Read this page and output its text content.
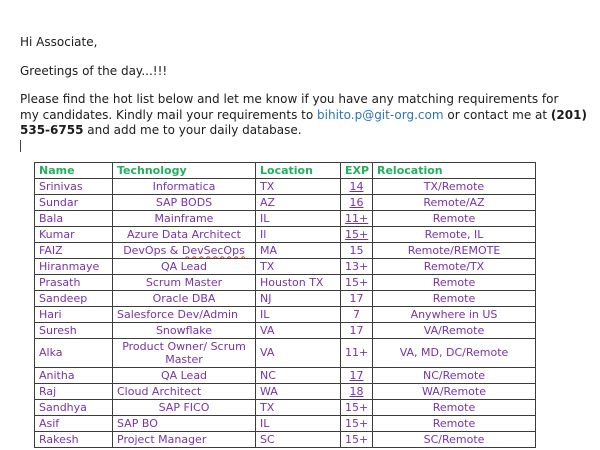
Hi Associate,

Greetings of the day...!!!

Please find the hot list below and let me know if you have any matching requirements for
my candidates. Kindly mail your requirements to bihito.p@git-org.com or contact me at (201)
535-6755 and add me to your daily database.

Name	Technology	Location	EXP	Relocation
Srinivas	Informatica	TX	14	TX/Remote
Sundar	SAP BODS	AZ	16	Remote/AZ
Bala	Mainframe	IL	11+	Remote
Kumar	Azure Data Architect	Il	15+	Remote, IL
FAIZ	DevOps & DevSecOps	MA	15	Remote/REMOTE
Hiranmaye	QA Lead	TX	13+	Remote/TX
Prasath	Scrum Master	Houston TX	15+	Remote
Sandeep	Oracle DBA	NJ	17	Remote
Hari	Salesforce Dev/Admin	IL	7	Anywhere in US
Suresh	Snowflake	VA	17	VA/Remote
Alka	Product Owner/ Scrum Master	VA	11+	VA, MD, DC/Remote
Anitha	QA Lead	NC	17	NC/Remote
Raj	Cloud Architect	WA	18	WA/Remote
Sandhya	SAP FICO	TX	15+	Remote
Asif	SAP BO	IL	15+	Remote
Rakesh	Project Manager	SC	15+	SC/Remote
